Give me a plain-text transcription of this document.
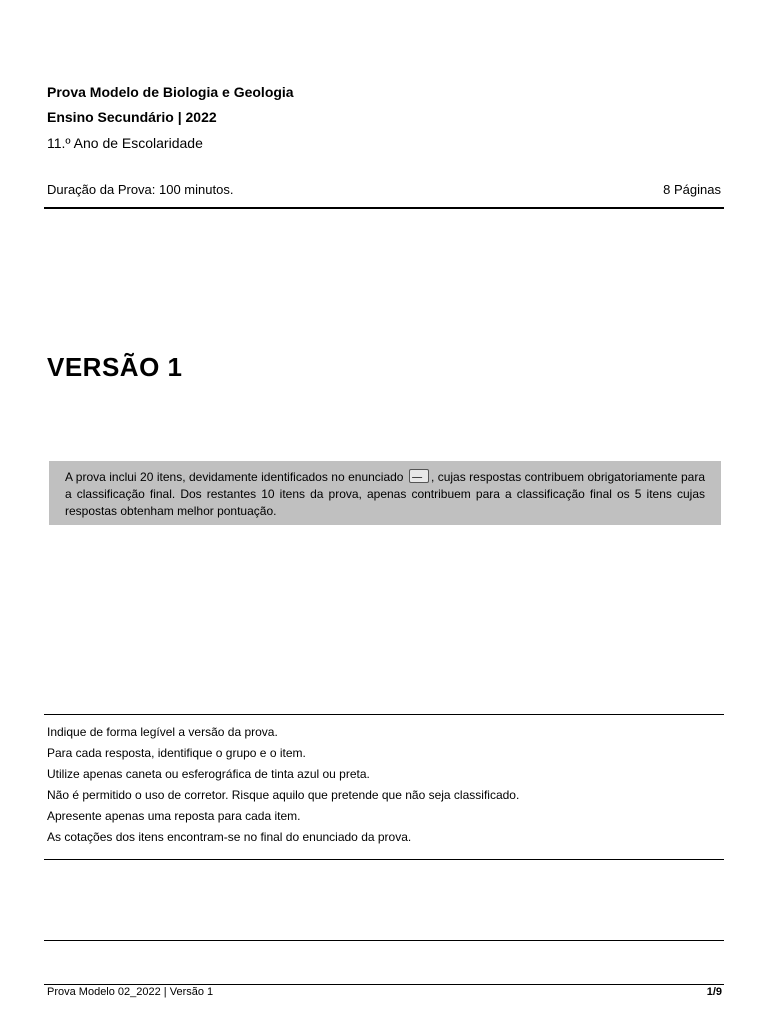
Prova Modelo de Biologia e Geologia
Ensino Secundário | 2022
11.º Ano de Escolaridade
Duração da Prova: 100 minutos.	8 Páginas
VERSÃO 1
A prova inclui 20 itens, devidamente identificados no enunciado , cujas respostas contribuem obrigatoriamente para a classificação final. Dos restantes 10 itens da prova, apenas contribuem para a classificação final os 5 itens cujas respostas obtenham melhor pontuação.
Indique de forma legível a versão da prova.
Para cada resposta, identifique o grupo e o item.
Utilize apenas caneta ou esferográfica de tinta azul ou preta.
Não é permitido o uso de corretor. Risque aquilo que pretende que não seja classificado.
Apresente apenas uma reposta para cada item.
As cotações dos itens encontram-se no final do enunciado da prova.
Prova Modelo 02_2022 | Versão 1	1/9
